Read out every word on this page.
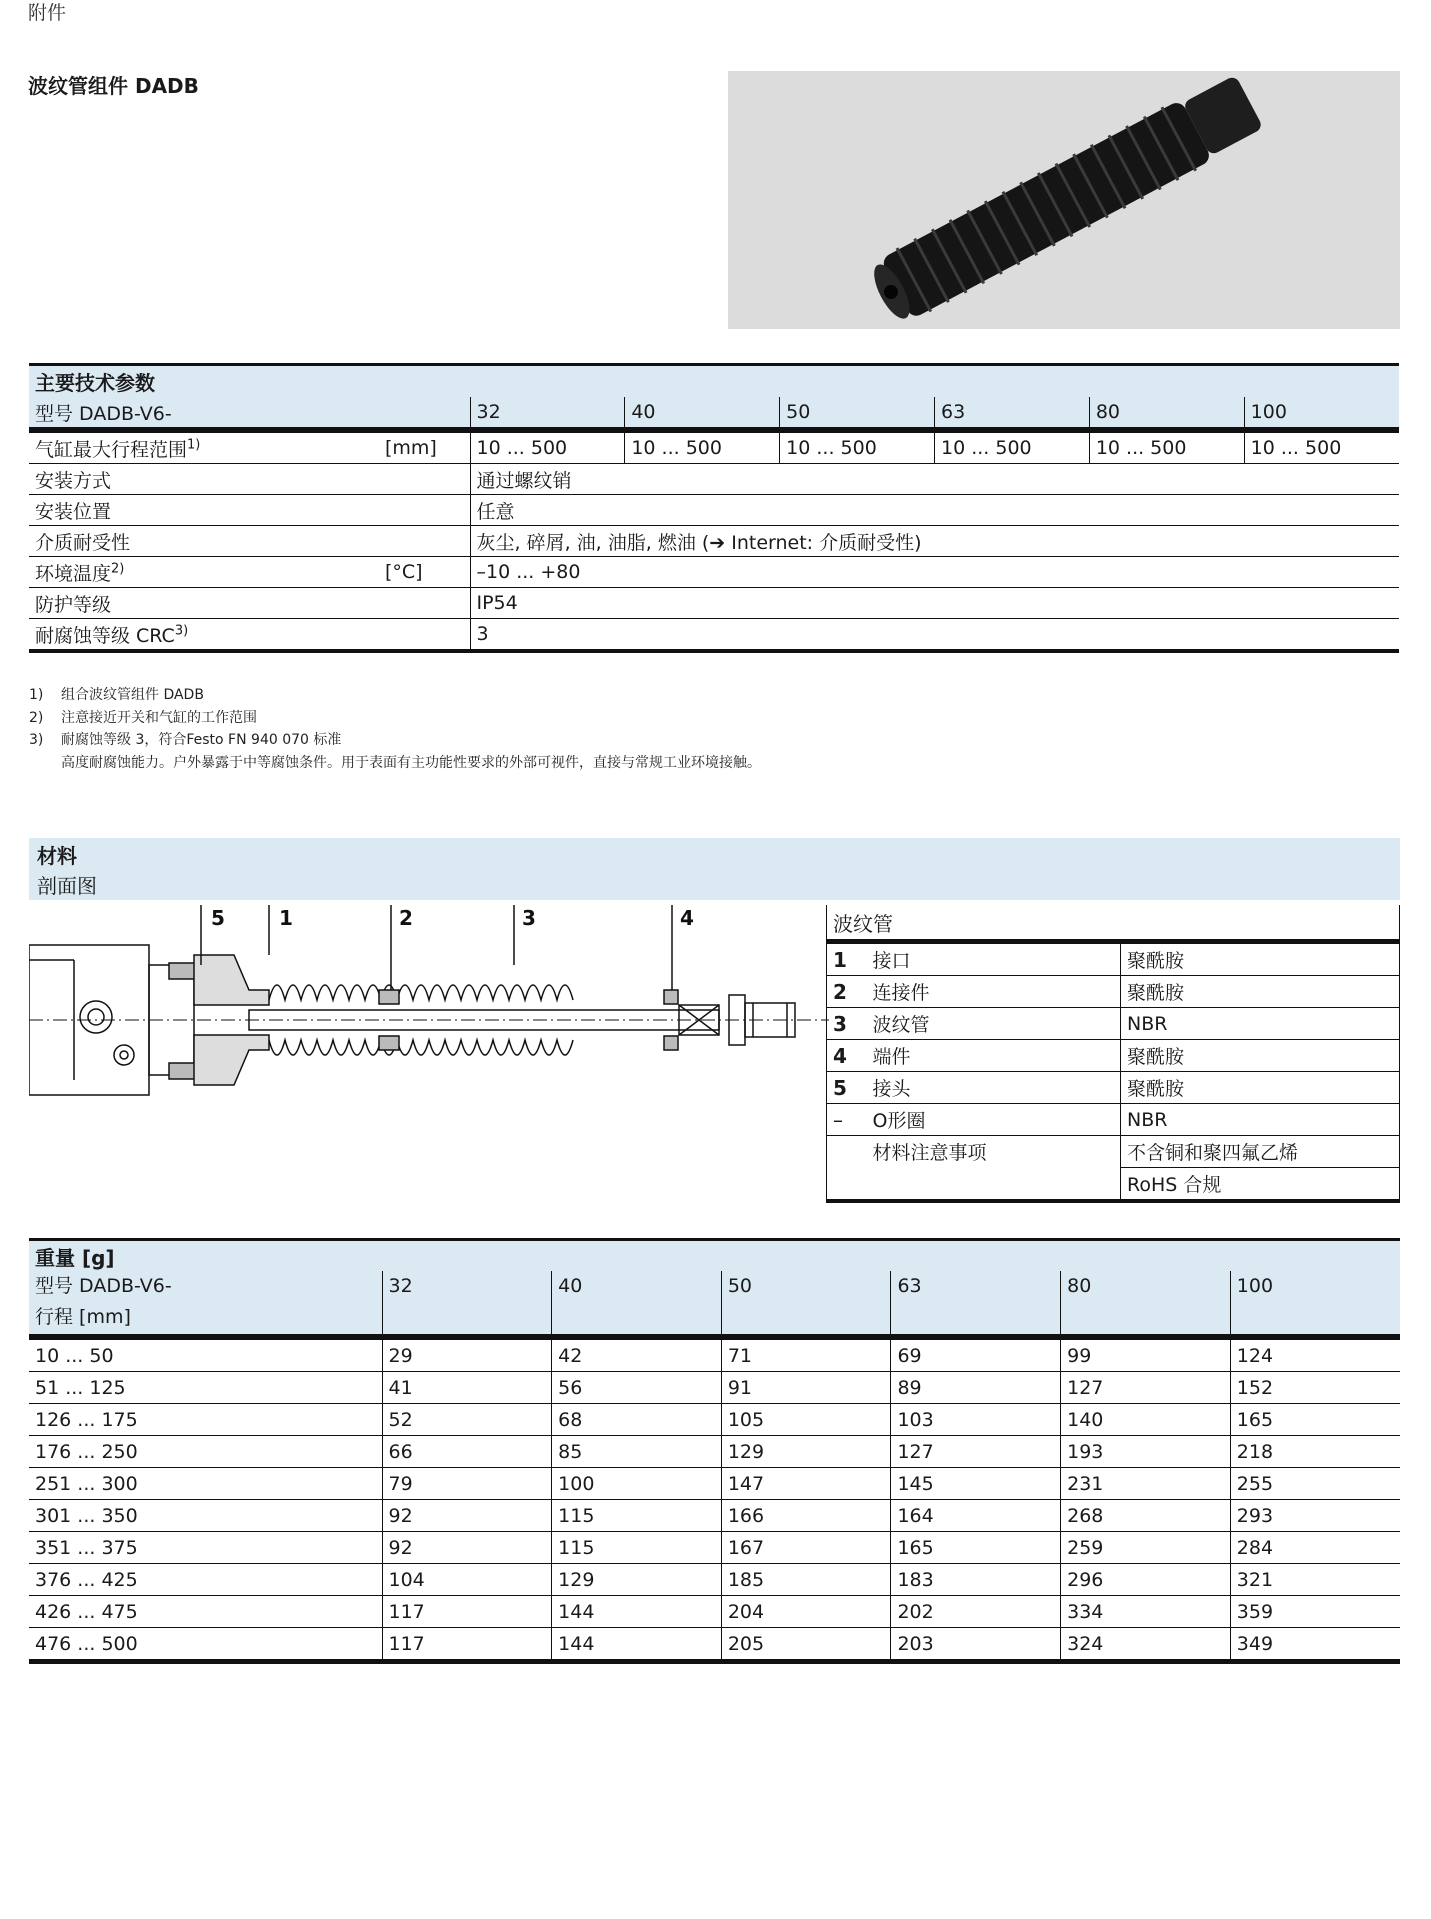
附件
波纹管组件 DADB
主要技术参数							
型号 DADB-V6-		32	40	50	63	80	100
气缸最大行程范围$^{1)}$	[mm]	10 ... 500	10 ... 500	10 ... 500	10 ... 500	10 ... 500	10 ... 500
安装方式		通过螺纹销					
安装位置		任意					
介质耐受性		灰尘, 碎屑, 油, 油脂, 燃油 (➔ Internet: 介质耐受性)					
环境温度$^{2)}$	[°C]	–10 ... +80					
防护等级		IP54					
耐腐蚀等级 CRC$^{3)}$		3					
1)	组合波纹管组件 DADB
2)	注意接近开关和气缸的工作范围
3)	耐腐蚀等级 3，符合Festo FN 940 070 标准
高度耐腐蚀能力。户外暴露于中等腐蚀条件。用于表面有主功能性要求的外部可视件，直接与常规工业环境接触。
材料
剖面图
5	1	2	3	4	波纹管		
1	接口	聚酰胺
2	连接件	聚酰胺
3	波纹管	NBR
4	端件	聚酰胺
5	接头	聚酰胺
–	O形圈	NBR
	材料注意事项	不含铜和聚四氟乙烯
		RoHS 合规
重量 [g]						

型号 DADB-V6-
行程 [mm]	32	40	50	63	80	100
10 ... 50	29	42	71	69	99	124
51 ... 125	41	56	91	89	127	152
126 ... 175	52	68	105	103	140	165
176 ... 250	66	85	129	127	193	218
251 ... 300	79	100	147	145	231	255
301 ... 350	92	115	166	164	268	293
351 ... 375	92	115	167	165	259	284
376 ... 425	104	129	185	183	296	321
426 ... 475	117	144	204	202	334	359
476 ... 500	117	144	205	203	324	349
